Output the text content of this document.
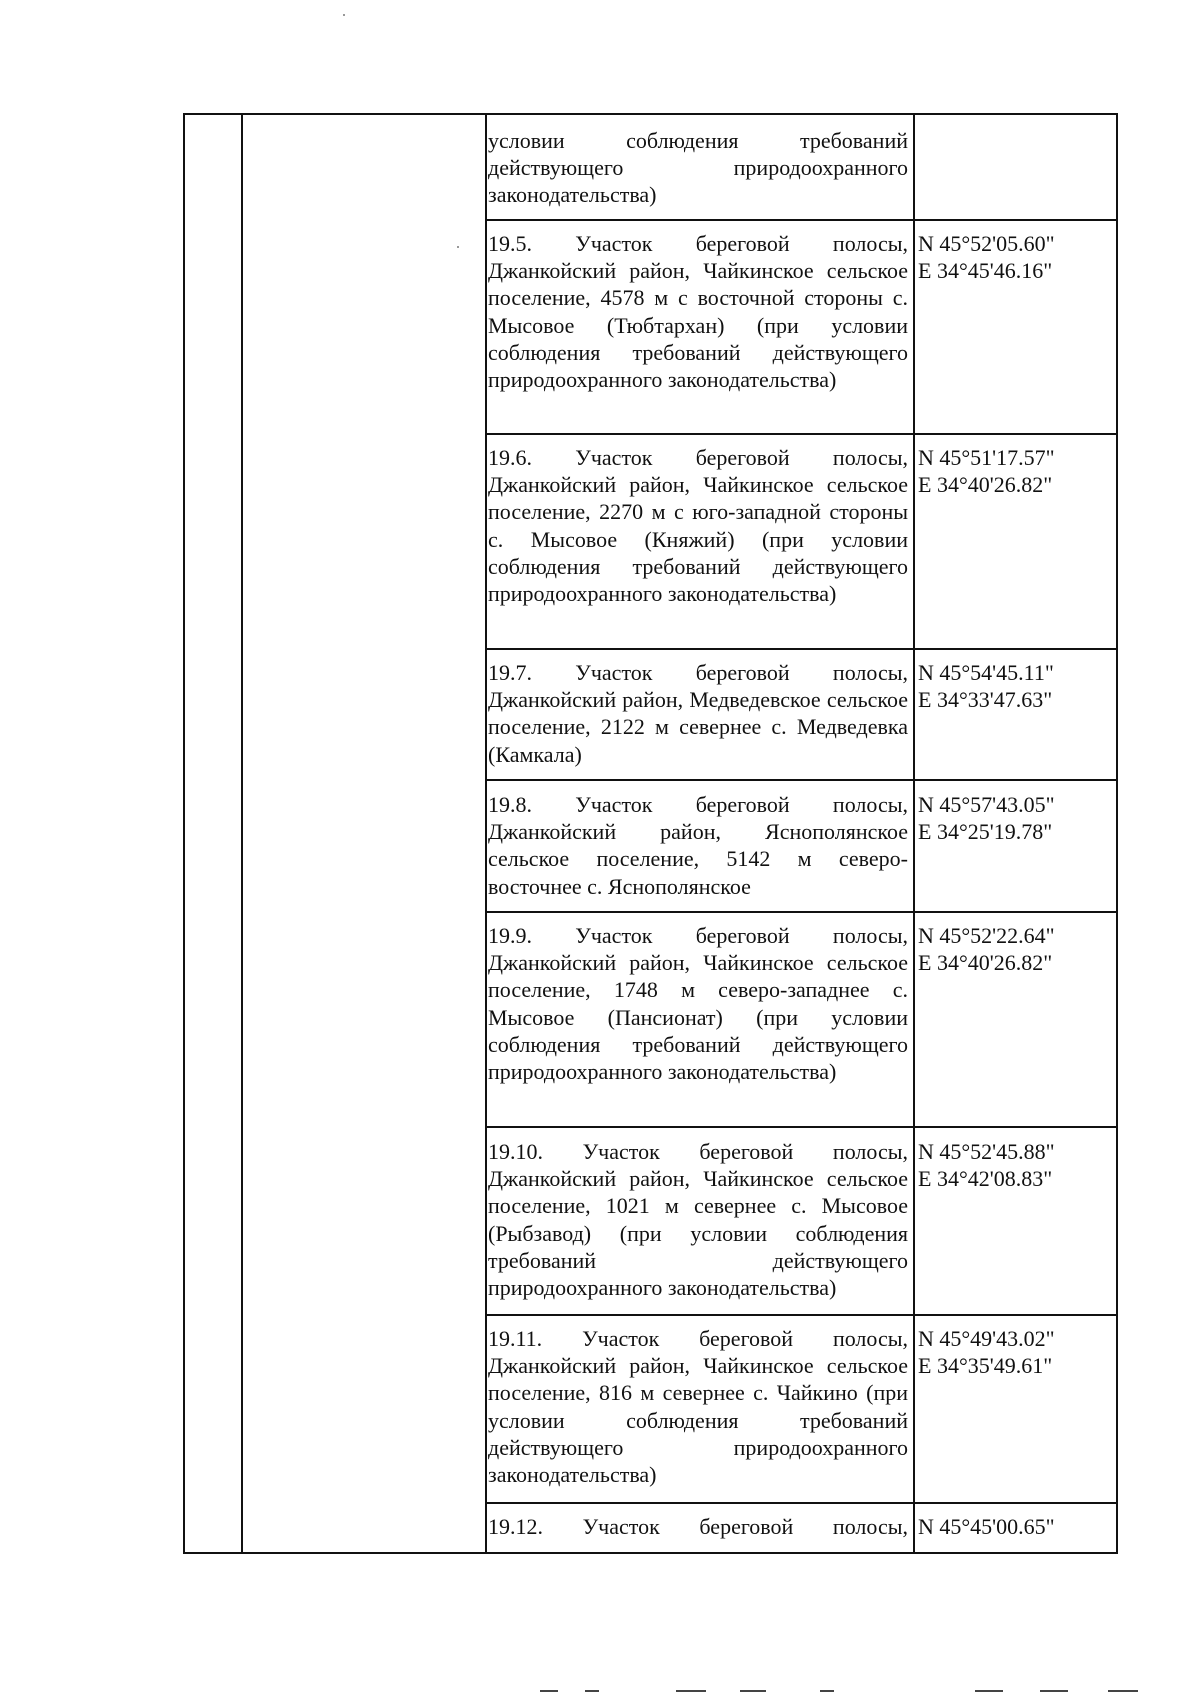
условии соблюдения требований действующего природоохранного законодательства)
19.5. Участок береговой полосы, Джанкойский район, Чайкинское сельское поселение, 4578 м с восточной стороны с. Мысовое (Тюбтархан) (при условии соблюдения требований действующего природоохранного законодательства)
N 45°52'05.60"
E 34°45'46.16"
19.6. Участок береговой полосы, Джанкойский район, Чайкинское сельское поселение, 2270 м с юго-западной стороны с. Мысовое (Княжий) (при условии соблюдения требований действующего природоохранного законодательства)
N 45°51'17.57"
E 34°40'26.82"
19.7. Участок береговой полосы, Джанкойский район, Медведевское сельское поселение, 2122 м севернее с. Медведевка (Камкала)
N 45°54'45.11"
E 34°33'47.63"
19.8. Участок береговой полосы, Джанкойский район, Яснополянское сельское поселение, 5142 м северо-восточнее с. Яснополянское
N 45°57'43.05"
E 34°25'19.78"
19.9. Участок береговой полосы, Джанкойский район, Чайкинское сельское поселение, 1748 м северо-западнее с. Мысовое (Пансионат) (при условии соблюдения требований действующего природоохранного законодательства)
N 45°52'22.64"
E 34°40'26.82"
19.10. Участок береговой полосы, Джанкойский район, Чайкинское сельское поселение, 1021 м севернее с. Мысовое (Рыбзавод) (при условии соблюдения требований действующего природоохранного законодательства)
N 45°52'45.88"
E 34°42'08.83"
19.11. Участок береговой полосы, Джанкойский район, Чайкинское сельское поселение, 816 м севернее с. Чайкино (при условии соблюдения требований действующего природоохранного законодательства)
N 45°49'43.02"
E 34°35'49.61"
19.12. Участок береговой полосы, N 45°45'00.65"
